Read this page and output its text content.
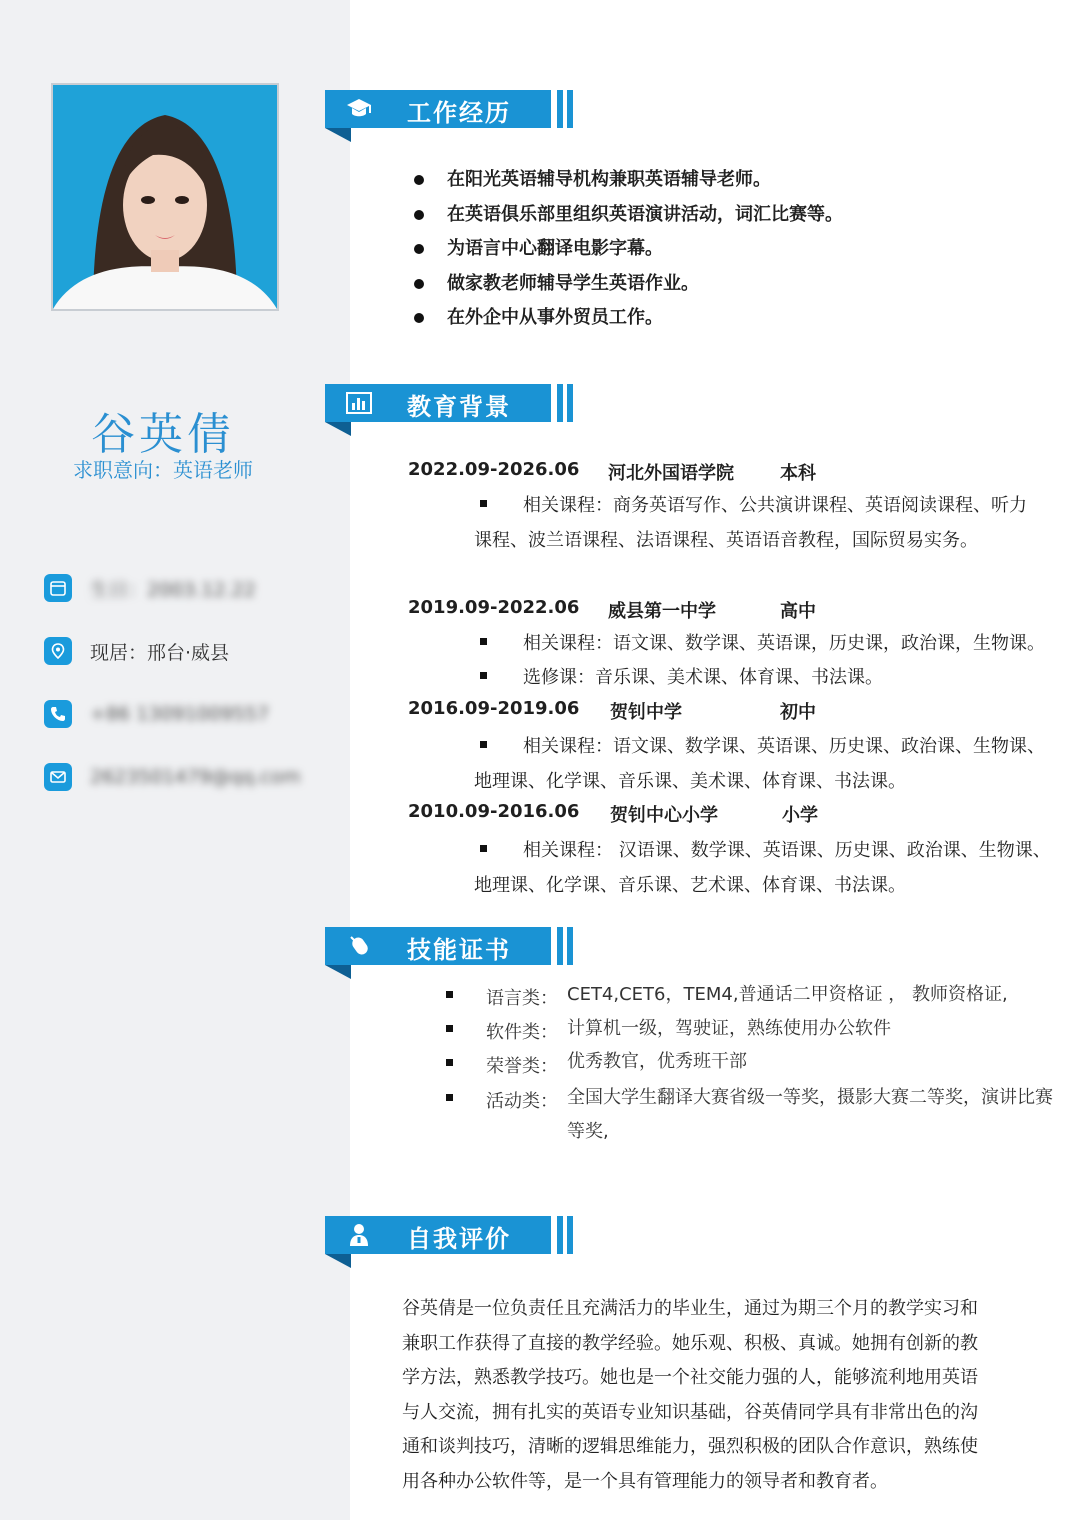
谷英倩
求职意向：英语老师
生日：2003.12.22
现居：邢台·威县
+86 13091009557
2623501479@qq.com
工作经历
在阳光英语辅导机构兼职英语辅导老师。
在英语俱乐部里组织英语演讲活动，词汇比赛等。
为语言中心翻译电影字幕。
做家教老师辅导学生英语作业。
在外企中从事外贸员工作。
教育背景
2022.09-2026.06 河北外国语学院	本科
相关课程：商务英语写作、公共演讲课程、英语阅读课程、听力
课程、波兰语课程、法语课程、英语语音教程，国际贸易实务。
2019.09-2022.06 威县第一中学	高中
相关课程：语文课、数学课、英语课，历史课，政治课，生物课。
选修课：音乐课、美术课、体育课、书法课。
2016.09-2019.06 贺钊中学	初中
相关课程：语文课、数学课、英语课、历史课、政治课、生物课、
地理课、化学课、音乐课、美术课、体育课、书法课。
2010.09-2016.06 贺钊中心小学	小学
相关课程： 汉语课、数学课、英语课、历史课、政治课、生物课、
地理课、化学课、音乐课、艺术课、体育课、书法课。
技能证书
语言类： CET4,CET6，TEM4,普通话二甲资格证 ， 教师资格证,
软件类： 计算机一级，驾驶证，熟练使用办公软件
荣誉类： 优秀教官，优秀班干部
活动类： 全国大学生翻译大赛省级一等奖，摄影大赛二等奖，演讲比赛
等奖,
自我评价
谷英倩是一位负责任且充满活力的毕业生，通过为期三个月的教学实习和
兼职工作获得了直接的教学经验。她乐观、积极、真诚。她拥有创新的教
学方法，熟悉教学技巧。她也是一个社交能力强的人，能够流利地用英语
与人交流，拥有扎实的英语专业知识基础，谷英倩同学具有非常出色的沟
通和谈判技巧，清晰的逻辑思维能力，强烈积极的团队合作意识，熟练使
用各种办公软件等，是一个具有管理能力的领导者和教育者。
